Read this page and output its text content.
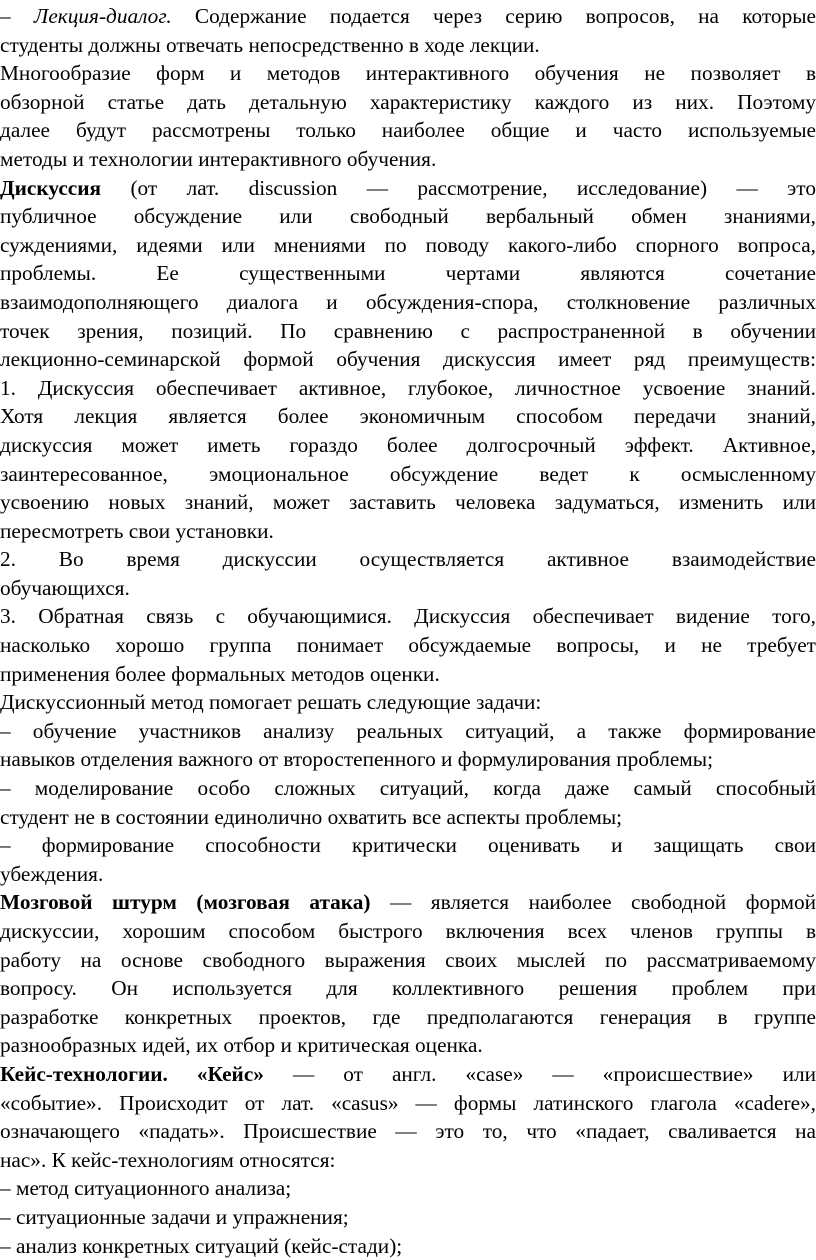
– Лекция-диалог. Содержание подается через серию вопросов, на которые
студенты должны отвечать непосредственно в ходе лекции.
Многообразие форм и методов интерактивного обучения не позволяет в
обзорной статье дать детальную характеристику каждого из них. Поэтому
далее будут рассмотрены только наиболее общие и часто используемые
методы и технологии интерактивного обучения.
Дискуссия (от лат. discussion — рассмотрение, исследование) — это
публичное обсуждение или свободный вербальный обмен знаниями,
суждениями, идеями или мнениями по поводу какого-либо спорного вопроса,
проблемы. Ее существенными чертами являются сочетание
взаимодополняющего диалога и обсуждения-спора, столкновение различных
точек зрения, позиций. По сравнению с распространенной в обучении
лекционно-семинарской формой обучения дискуссия имеет ряд преимуществ:
1. Дискуссия обеспечивает активное, глубокое, личностное усвоение знаний.
Хотя лекция является более экономичным способом передачи знаний,
дискуссия может иметь гораздо более долгосрочный эффект. Активное,
заинтересованное, эмоциональное обсуждение ведет к осмысленному
усвоению новых знаний, может заставить человека задуматься, изменить или
пересмотреть свои установки.
2. Во время дискуссии осуществляется активное взаимодействие
обучающихся.
3. Обратная связь с обучающимися. Дискуссия обеспечивает видение того,
насколько хорошо группа понимает обсуждаемые вопросы, и не требует
применения более формальных методов оценки.
Дискуссионный метод помогает решать следующие задачи:
– обучение участников анализу реальных ситуаций, а также формирование
навыков отделения важного от второстепенного и формулирования проблемы;
– моделирование особо сложных ситуаций, когда даже самый способный
студент не в состоянии единолично охватить все аспекты проблемы;
– формирование способности критически оценивать и защищать свои
убеждения.
Мозговой штурм (мозговая атака) — является наиболее свободной формой
дискуссии, хорошим способом быстрого включения всех членов группы в
работу на основе свободного выражения своих мыслей по рассматриваемому
вопросу. Он используется для коллективного решения проблем при
разработке конкретных проектов, где предполагаются генерация в группе
разнообразных идей, их отбор и критическая оценка.
Кейс-технологии. «Кейс» — от англ. «case» — «происшествие» или
«событие». Происходит от лат. «casus» — формы латинского глагола «cadere»,
означающего «падать». Происшествие — это то, что «падает, сваливается на
нас». К кейс-технологиям относятся:
– метод ситуационного анализа;
– ситуационные задачи и упражнения;
– анализ конкретных ситуаций (кейс-стади);
